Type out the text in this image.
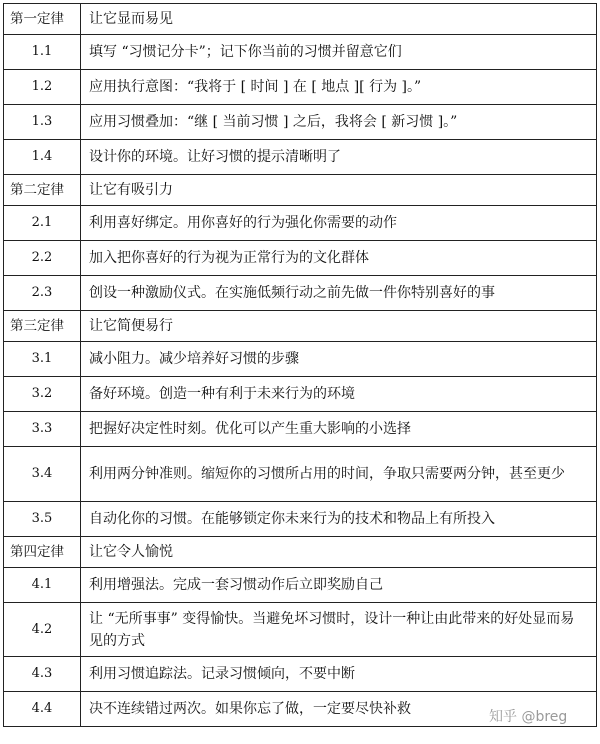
第一定律	让它显而易见
1.1	填写 “习惯记分卡”；记下你当前的习惯并留意它们
1.2	应用执行意图：“我将于 [ 时间 ] 在 [ 地点 ][ 行为 ]。”
1.3	应用习惯叠加：“继 [ 当前习惯 ] 之后，我将会 [ 新习惯 ]。”
1.4	设计你的环境。让好习惯的提示清晰明了
第二定律	让它有吸引力
2.1	利用喜好绑定。用你喜好的行为强化你需要的动作
2.2	加入把你喜好的行为视为正常行为的文化群体
2.3	创设一种激励仪式。在实施低频行动之前先做一件你特别喜好的事
第三定律	让它简便易行
3.1	减小阻力。减少培养好习惯的步骤
3.2	备好环境。创造一种有利于未来行为的环境
3.3	把握好决定性时刻。优化可以产生重大影响的小选择
3.4	利用两分钟准则。缩短你的习惯所占用的时间，争取只需要两分钟，甚至更少
3.5	自动化你的习惯。在能够锁定你未来行为的技术和物品上有所投入
第四定律	让它令人愉悦
4.1	利用增强法。完成一套习惯动作后立即奖励自己
4.2	让 “无所事事” 变得愉快。当避免坏习惯时，设计一种让由此带来的好处显而易见的方式
4.3	利用习惯追踪法。记录习惯倾向，不要中断
4.4	决不连续错过两次。如果你忘了做，一定要尽快补救	知乎 @breg
